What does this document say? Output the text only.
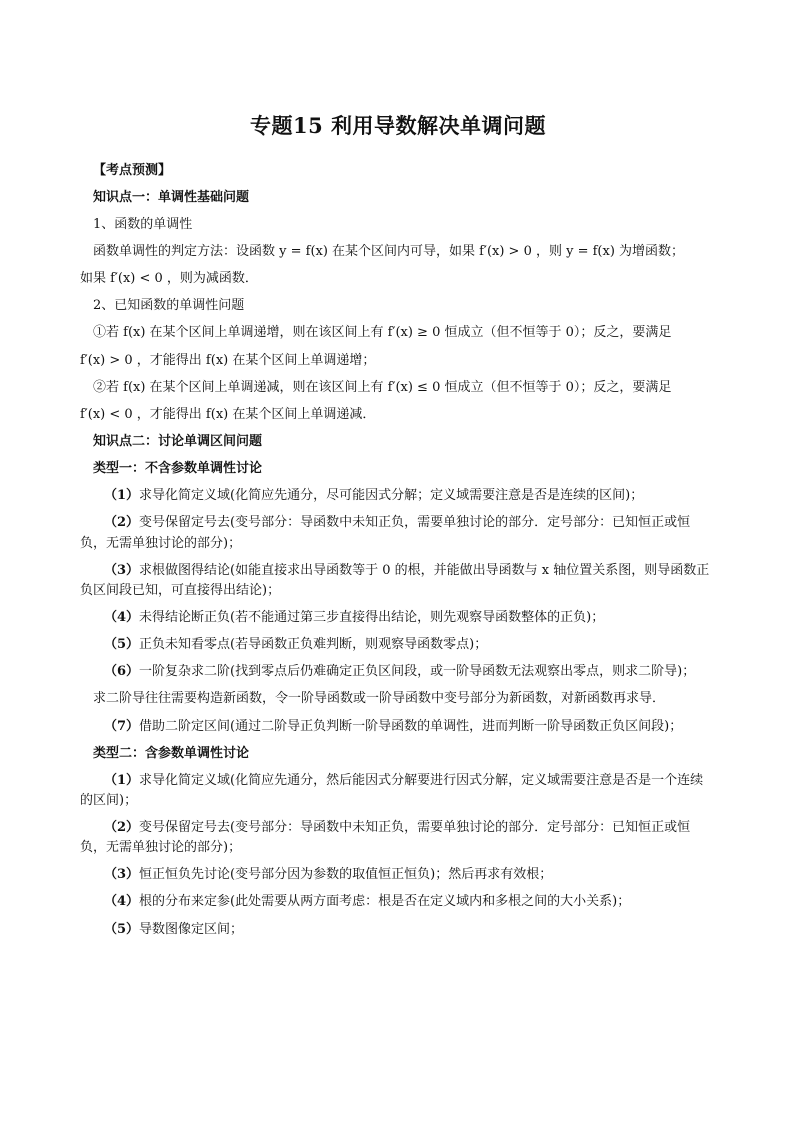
专题15 利用导数解决单调问题

【考点预测】

知识点一：单调性基础问题

1、函数的单调性

函数单调性的判定方法：设函数 y = f(x) 在某个区间内可导，如果 f′(x) > 0 ，则 y = f(x) 为增函数；

如果 f′(x) < 0 ，则为减函数．

2、已知函数的单调性问题

①若 f(x) 在某个区间上单调递增，则在该区间上有 f′(x) ≥ 0 恒成立（但不恒等于 0）；反之，要满足

f′(x) > 0 ，才能得出 f(x) 在某个区间上单调递增；

②若 f(x) 在某个区间上单调递减，则在该区间上有 f′(x) ≤ 0 恒成立（但不恒等于 0）；反之，要满足

f′(x) < 0 ，才能得出 f(x) 在某个区间上单调递减．

知识点二：讨论单调区间问题

类型一：不含参数单调性讨论

（1）求导化简定义域(化简应先通分，尽可能因式分解；定义域需要注意是否是连续的区间)；

（2）变号保留定号去(变号部分：导函数中未知正负，需要单独讨论的部分．定号部分：已知恒正或恒负，无需单独讨论的部分)；

（3）求根做图得结论(如能直接求出导函数等于 0 的根，并能做出导函数与 x 轴位置关系图，则导函数正负区间段已知，可直接得出结论)；

（4）未得结论断正负(若不能通过第三步直接得出结论，则先观察导函数整体的正负)；

（5）正负未知看零点(若导函数正负难判断，则观察导函数零点)；

（6）一阶复杂求二阶(找到零点后仍难确定正负区间段，或一阶导函数无法观察出零点，则求二阶导)；

求二阶导往往需要构造新函数，令一阶导函数或一阶导函数中变号部分为新函数，对新函数再求导．

（7）借助二阶定区间(通过二阶导正负判断一阶导函数的单调性，进而判断一阶导函数正负区间段)；

类型二：含参数单调性讨论

（1）求导化简定义域(化简应先通分，然后能因式分解要进行因式分解，定义域需要注意是否是一个连续的区间)；

（2）变号保留定号去(变号部分：导函数中未知正负，需要单独讨论的部分．定号部分：已知恒正或恒负，无需单独讨论的部分)；

（3）恒正恒负先讨论(变号部分因为参数的取值恒正恒负)；然后再求有效根；

（4）根的分布来定参(此处需要从两方面考虑：根是否在定义域内和多根之间的大小关系)；

（5）导数图像定区间；
